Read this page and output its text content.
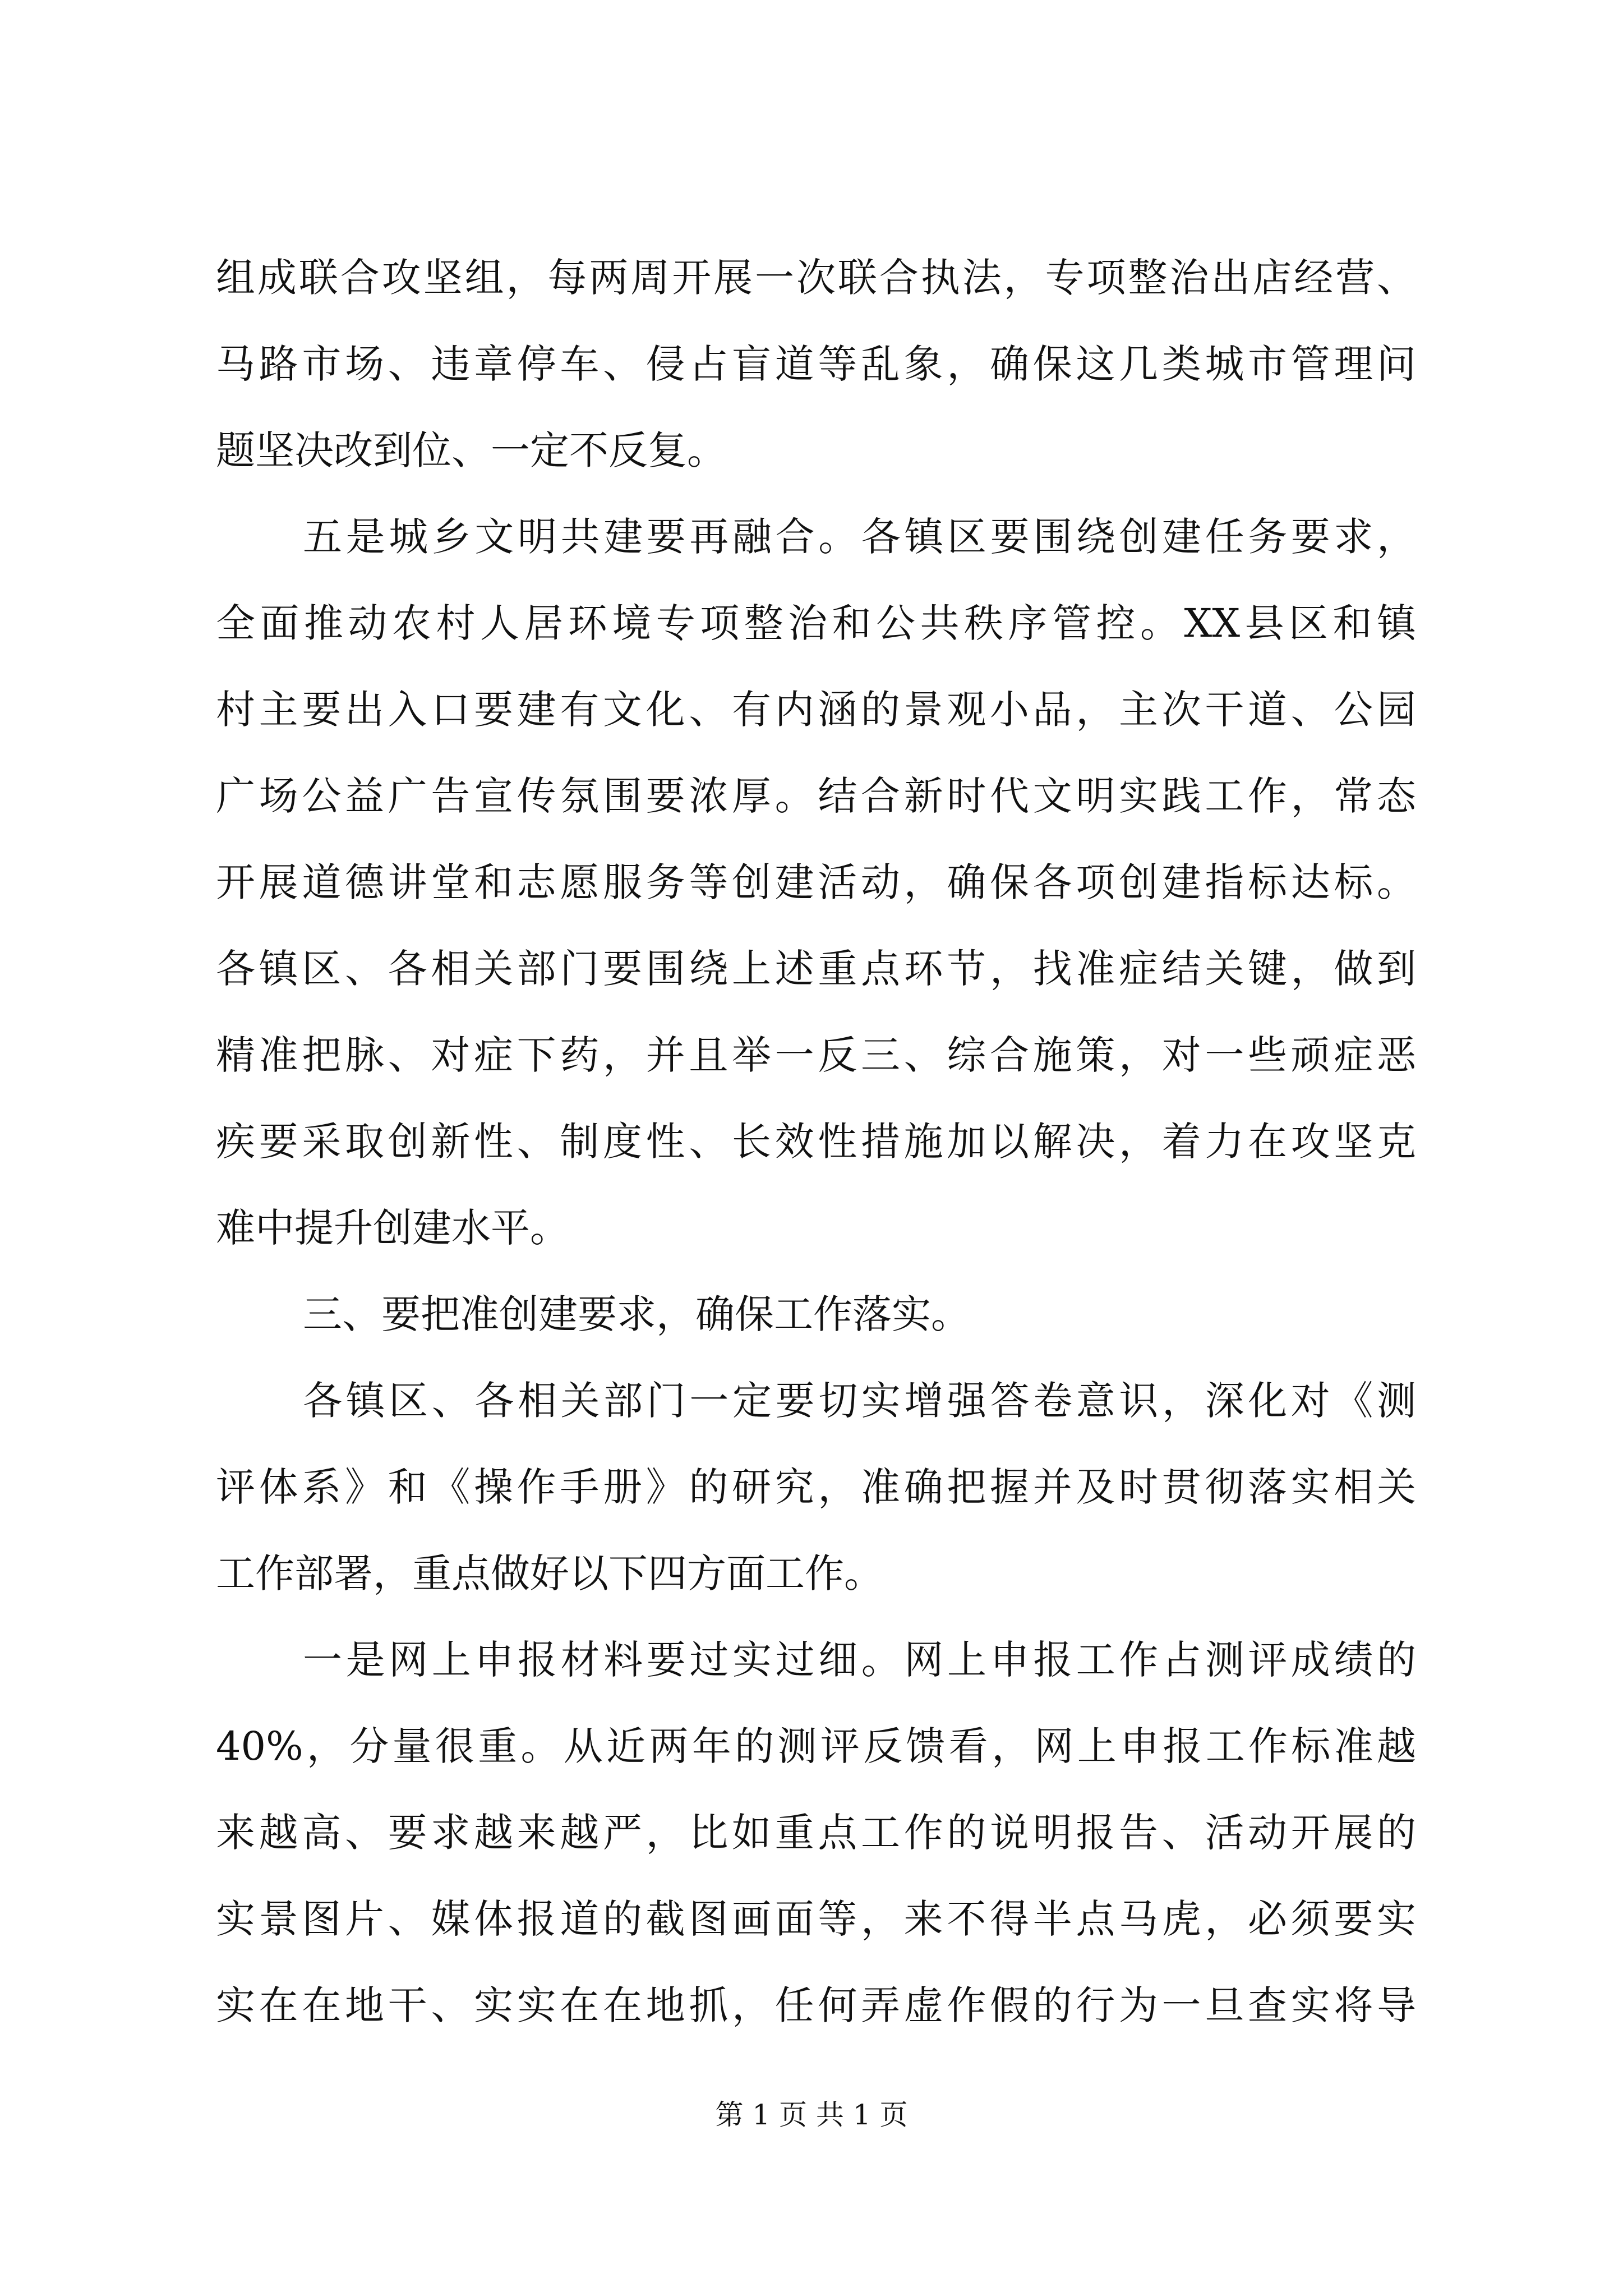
组成联合攻坚组，每两周开展一次联合执法，专项整治出店经营、
马路市场、违章停车、侵占盲道等乱象，确保这几类城市管理问
题坚决改到位、一定不反复。
五是城乡文明共建要再融合。各镇区要围绕创建任务要求，
全面推动农村人居环境专项整治和公共秩序管控。XX县区和镇
村主要出入口要建有文化、有内涵的景观小品，主次干道、公园
广场公益广告宣传氛围要浓厚。结合新时代文明实践工作，常态
开展道德讲堂和志愿服务等创建活动，确保各项创建指标达标。
各镇区、各相关部门要围绕上述重点环节，找准症结关键，做到
精准把脉、对症下药，并且举一反三、综合施策，对一些顽症恶
疾要采取创新性、制度性、长效性措施加以解决，着力在攻坚克
难中提升创建水平。
三、要把准创建要求，确保工作落实。
各镇区、各相关部门一定要切实增强答卷意识，深化对《测
评体系》和《操作手册》的研究，准确把握并及时贯彻落实相关
工作部署，重点做好以下四方面工作。
一是网上申报材料要过实过细。网上申报工作占测评成绩的
40%，分量很重。从近两年的测评反馈看，网上申报工作标准越
来越高、要求越来越严，比如重点工作的说明报告、活动开展的
实景图片、媒体报道的截图画面等，来不得半点马虎，必须要实
实在在地干、实实在在地抓，任何弄虚作假的行为一旦查实将导
第 1 页 共 1 页
